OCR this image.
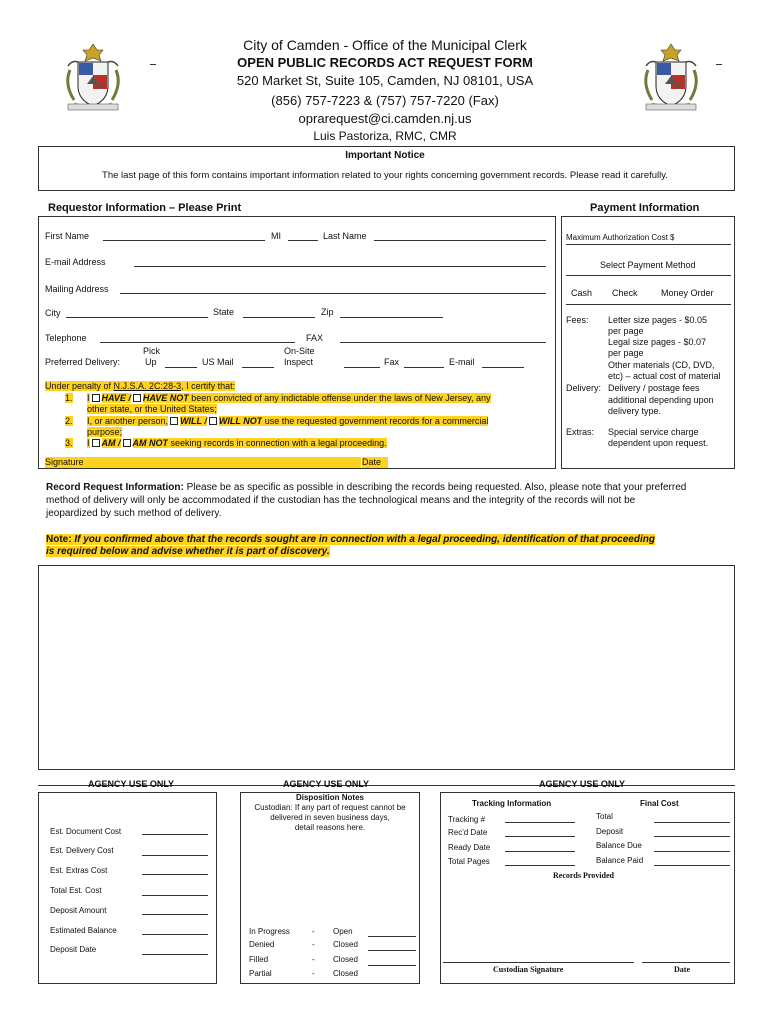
City of Camden - Office of the Municipal Clerk
OPEN PUBLIC RECORDS ACT REQUEST FORM
520 Market St, Suite 105, Camden, NJ 08101, USA
(856) 757-7223 & (757) 757-7220 (Fax)
oprarequest@ci.camden.nj.us
Luis Pastoriza, RMC, CMR
Important Notice
The last page of this form contains important information related to your rights concerning government records. Please read it carefully.
Requestor Information – Please Print	Payment Information
First Name	MI	Last Name
E-mail Address
Mailing Address
City	State	Zip
Telephone	FAX
Pick	On-Site
Preferred Delivery:	Up	US Mail	Inspect	Fax	E-mail
Under penalty of N.J.S.A. 2C:28-3, I certify that:
1. I HAVE / HAVE NOT been convicted of any indictable offense under the laws of New Jersey, any
other state, or the United States;
2. I, or another person, WILL / WILL NOT use the requested government records for a commercial
purpose;
3. I AM / AM NOT seeking records in connection with a legal proceeding.
Signature	Date
Maximum Authorization Cost $
Select Payment Method
Cash Check	Money Order
Fees: Letter size pages - $0.05
per page
Legal size pages - $0.07
per page
Other materials (CD, DVD,
etc) – actual cost of material
Delivery: Delivery / postage fees
additional depending upon
delivery type.
Extras: Special service charge
dependent upon request.
Record Request Information: Please be as specific as possible in describing the records being requested. Also, please note that your preferred
method of delivery will only be accommodated if the custodian has the technological means and the integrity of the records will not be
jeopardized by such method of delivery.
Note: If you confirmed above that the records sought are in connection with a legal proceeding, identification of that proceeding
is required below and advise whether it is part of discovery.
AGENCY USE ONLY	AGENCY USE ONLY	AGENCY USE ONLY
Est. Document Cost
Est. Delivery Cost
Est. Extras Cost
Total Est. Cost
Deposit Amount
Estimated Balance
Deposit Date
Disposition Notes
Custodian: If any part of request cannot be
delivered in seven business days,
detail reasons here.
In Progress	- Open
Denied	- Closed
Filled	- Closed
Partial	- Closed
Tracking Information	Final Cost
Tracking #
Rec'd Date
Ready Date
Total Pages
Total
Deposit
Balance Due
Balance Paid
Records Provided
Custodian Signature	Date
